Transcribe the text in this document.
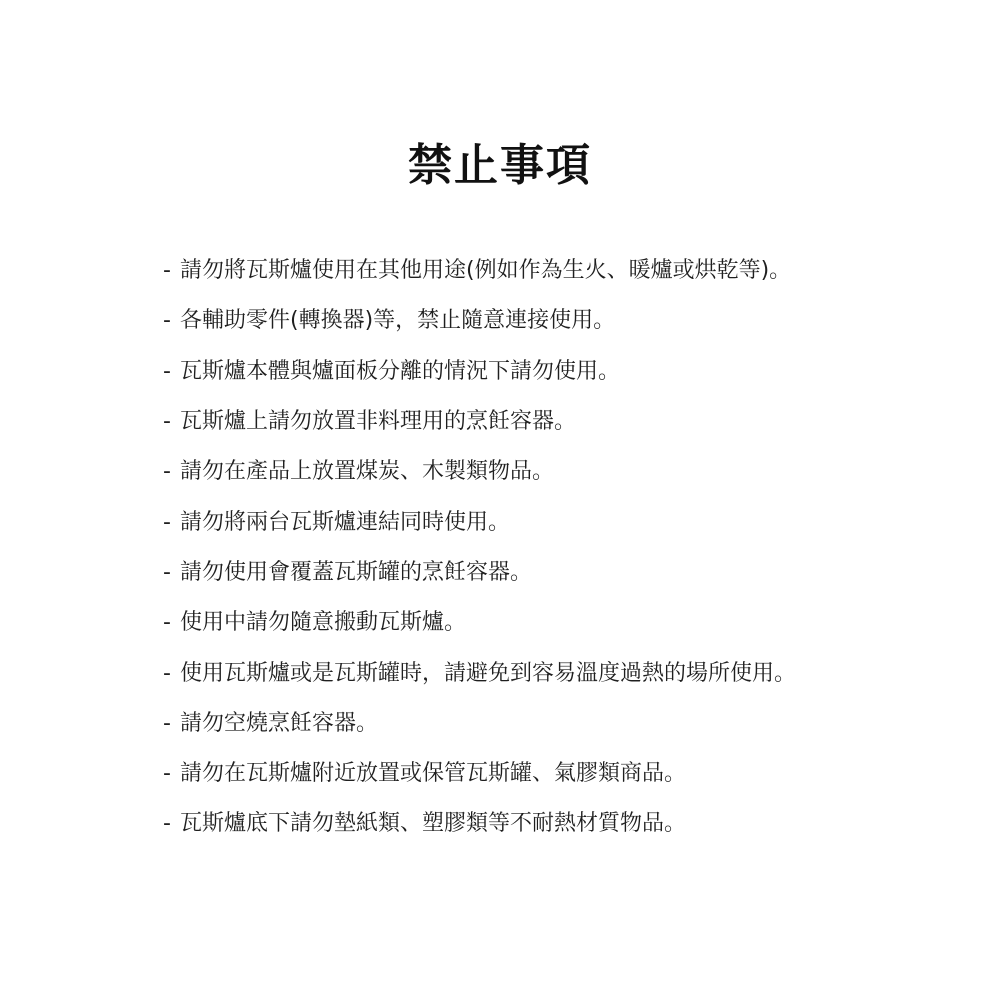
禁止事項
- 請勿將瓦斯爐使用在其他用途(例如作為生火、暖爐或烘乾等)。
- 各輔助零件(轉換器)等，禁止隨意連接使用。
- 瓦斯爐本體與爐面板分離的情況下請勿使用。
- 瓦斯爐上請勿放置非料理用的烹飪容器。
- 請勿在產品上放置煤炭、木製類物品。
- 請勿將兩台瓦斯爐連結同時使用。
- 請勿使用會覆蓋瓦斯罐的烹飪容器。
- 使用中請勿隨意搬動瓦斯爐。
- 使用瓦斯爐或是瓦斯罐時，請避免到容易溫度過熱的場所使用。
- 請勿空燒烹飪容器。
- 請勿在瓦斯爐附近放置或保管瓦斯罐、氣膠類商品。
- 瓦斯爐底下請勿墊紙類、塑膠類等不耐熱材質物品。
